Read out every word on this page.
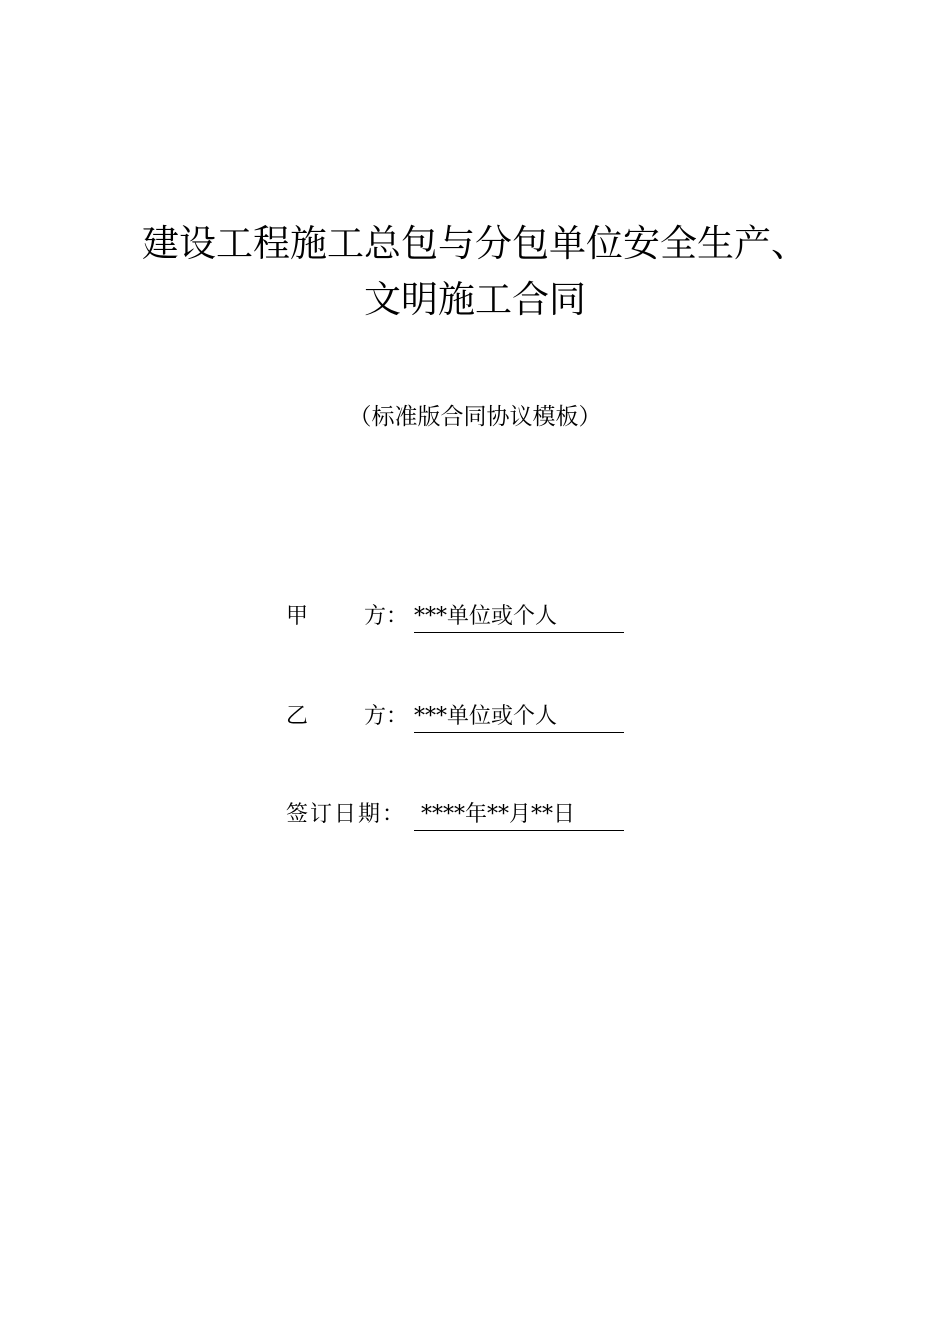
建设工程施工总包与分包单位安全生产、
文明施工合同
（标准版合同协议模板）
甲	方： ***单位或个人
乙	方： ***单位或个人
签订日期： ****年**月**日
